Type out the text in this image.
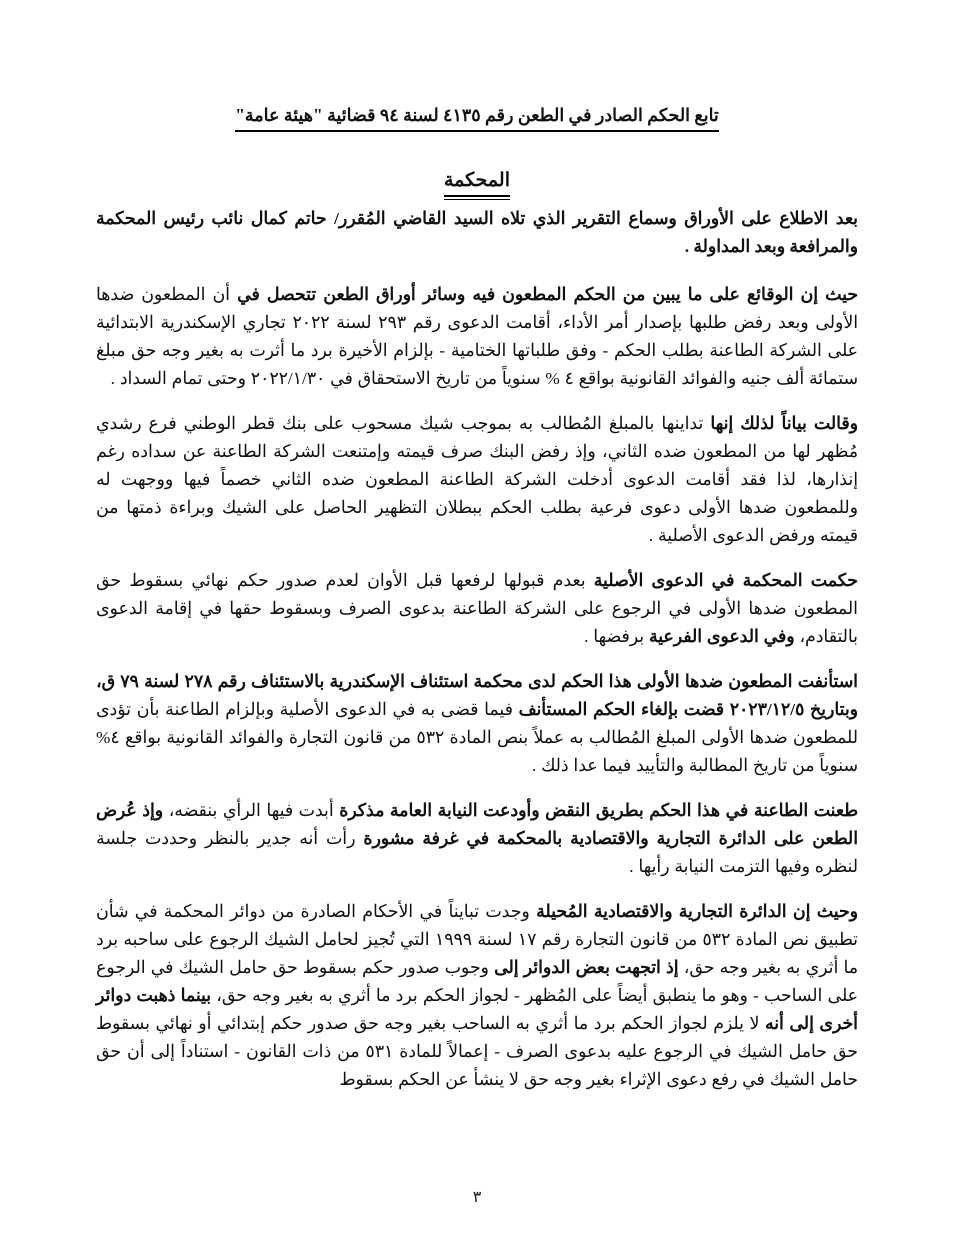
تابع الحكم الصادر في الطعن رقم ٤١٣٥ لسنة ٩٤ قضائية "هيئة عامة"
المحكمة

بعد الاطلاع على الأوراق وسماع التقرير الذي تلاه السيد القاضي المُقرر/ حاتم كمال نائب رئيس المحكمة والمرافعة وبعد المداولة .

حيث إن الوقائع على ما يبين من الحكم المطعون فيه وسائر أوراق الطعن تتحصل في أن المطعون ضدها الأولى وبعد رفض طلبها بإصدار أمر الأداء، أقامت الدعوى رقم ٢٩٣ لسنة ٢٠٢٢ تجاري الإسكندرية الابتدائية على الشركة الطاعنة بطلب الحكم - وفق طلباتها الختامية - بإلزام الأخيرة برد ما أثرت به بغير وجه حق مبلغ ستمائة ألف جنيه والفوائد القانونية بواقع ٤ % سنوياً من تاريخ الاستحقاق في ٢٠٢٢/١/٣٠ وحتى تمام السداد .

وقالت بياناً لذلك إنها تداينها بالمبلغ المُطالب به بموجب شيك مسحوب على بنك قطر الوطني فرع رشدي مُظهر لها من المطعون ضده الثاني، وإذ رفض البنك صرف قيمته وإمتنعت الشركة الطاعنة عن سداده رغم إنذارها، لذا فقد أقامت الدعوى أدخلت الشركة الطاعنة المطعون ضده الثاني خصماً فيها ووجهت له وللمطعون ضدها الأولى دعوى فرعية بطلب الحكم ببطلان التظهير الحاصل على الشيك وبراءة ذمتها من قيمته ورفض الدعوى الأصلية .

حكمت المحكمة في الدعوى الأصلية بعدم قبولها لرفعها قبل الأوان لعدم صدور حكم نهائي بسقوط حق المطعون ضدها الأولى في الرجوع على الشركة الطاعنة بدعوى الصرف وبسقوط حقها في إقامة الدعوى بالتقادم، وفي الدعوى الفرعية برفضها .

استأنفت المطعون ضدها الأولى هذا الحكم لدى محكمة استئناف الإسكندرية بالاستئناف رقم ٢٧٨ لسنة ٧٩ ق، وبتاريخ ٢٠٢٣/١٢/٥ قضت بإلغاء الحكم المستأنف فيما قضى به في الدعوى الأصلية وبإلزام الطاعنة بأن تؤدى للمطعون ضدها الأولى المبلغ المُطالب به عملاً بنص المادة ٥٣٢ من قانون التجارة والفوائد القانونية بواقع ٤% سنوياً من تاريخ المطالبة والتأييد فيما عدا ذلك .

طعنت الطاعنة في هذا الحكم بطريق النقض وأودعت النيابة العامة مذكرة أبدت فيها الرأي بنقضه، وإذ عُرض الطعن على الدائرة التجارية والاقتصادية بالمحكمة في غرفة مشورة رأت أنه جدير بالنظر وحددت جلسة لنظره وفيها التزمت النيابة رأيها .

وحيث إن الدائرة التجارية والاقتصادية المُحيلة وجدت تبايناً في الأحكام الصادرة من دوائر المحكمة في شأن تطبيق نص المادة ٥٣٢ من قانون التجارة رقم ١٧ لسنة ١٩٩٩ التي تُجيز لحامل الشيك الرجوع على ساحبه برد ما أثري به بغير وجه حق، إذ اتجهت بعض الدوائر إلى وجوب صدور حكم بسقوط حق حامل الشيك في الرجوع على الساحب - وهو ما ينطبق أيضاً على المُظهر - لجواز الحكم برد ما أثري به بغير وجه حق، بينما ذهبت دوائر أخرى إلى أنه لا يلزم لجواز الحكم برد ما أثري به الساحب بغير وجه حق صدور حكم إبتدائي أو نهائي بسقوط حق حامل الشيك في الرجوع عليه بدعوى الصرف - إعمالاً للمادة ٥٣١ من ذات القانون - استناداً إلى أن حق حامل الشيك في رفع دعوى الإثراء بغير وجه حق لا ينشأ عن الحكم بسقوط

٣
